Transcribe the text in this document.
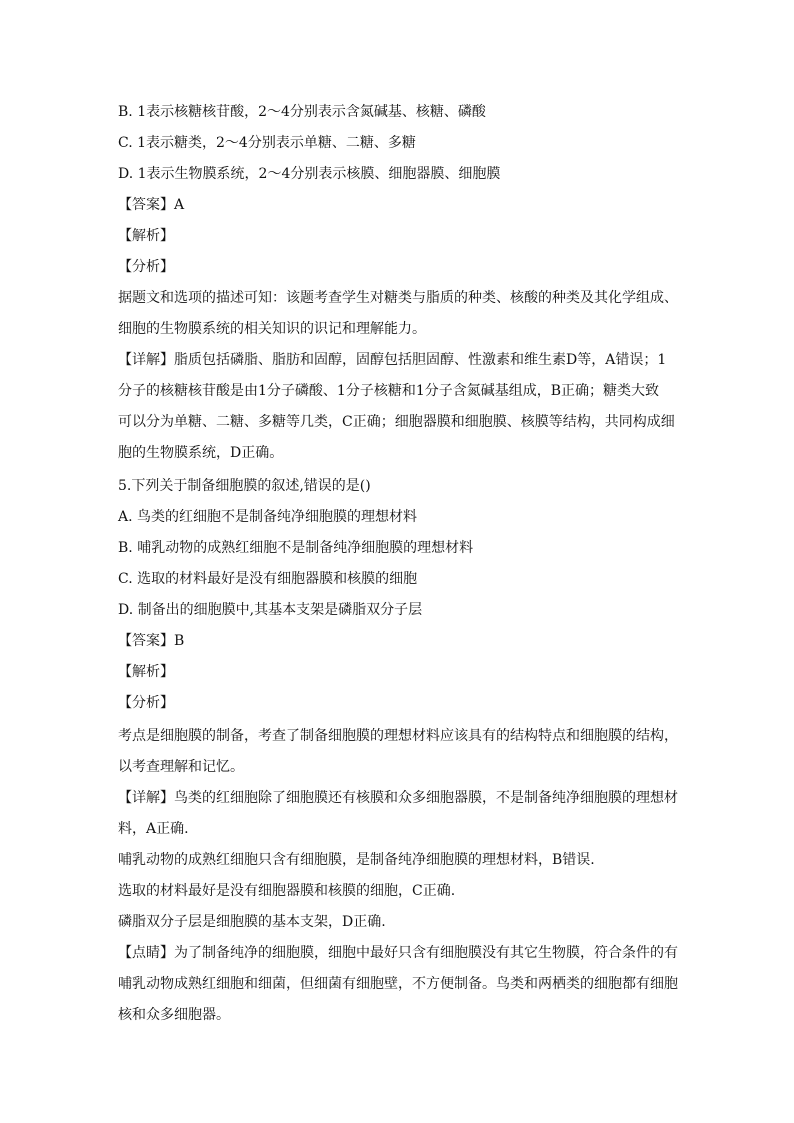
B. 1表示核糖核苷酸，2～4分别表示含氮碱基、核糖、磷酸
C. 1表示糖类，2～4分别表示单糖、二糖、多糖
D. 1表示生物膜系统，2～4分别表示核膜、细胞器膜、细胞膜
【答案】A
【解析】
【分析】
据题文和选项的描述可知：该题考查学生对糖类与脂质的种类、核酸的种类及其化学组成、
细胞的生物膜系统的相关知识的识记和理解能力。
【详解】脂质包括磷脂、脂肪和固醇，固醇包括胆固醇、性激素和维生素D等，A错误；1
分子的核糖核苷酸是由1分子磷酸、1分子核糖和1分子含氮碱基组成，B正确；糖类大致
可以分为单糖、二糖、多糖等几类，C正确；细胞器膜和细胞膜、核膜等结构，共同构成细
胞的生物膜系统，D正确。
5.下列关于制备细胞膜的叙述,错误的是()
A. 鸟类的红细胞不是制备纯净细胞膜的理想材料
B. 哺乳动物的成熟红细胞不是制备纯净细胞膜的理想材料
C. 选取的材料最好是没有细胞器膜和核膜的细胞
D. 制备出的细胞膜中,其基本支架是磷脂双分子层
【答案】B
【解析】
【分析】
考点是细胞膜的制备，考查了制备细胞膜的理想材料应该具有的结构特点和细胞膜的结构，
以考查理解和记忆。
【详解】鸟类的红细胞除了细胞膜还有核膜和众多细胞器膜，不是制备纯净细胞膜的理想材
料，A正确.
哺乳动物的成熟红细胞只含有细胞膜，是制备纯净细胞膜的理想材料，B错误.
选取的材料最好是没有细胞器膜和核膜的细胞，C正确.
磷脂双分子层是细胞膜的基本支架，D正确.
【点睛】为了制备纯净的细胞膜，细胞中最好只含有细胞膜没有其它生物膜，符合条件的有
哺乳动物成熟红细胞和细菌，但细菌有细胞壁，不方便制备。鸟类和两栖类的细胞都有细胞
核和众多细胞器。
